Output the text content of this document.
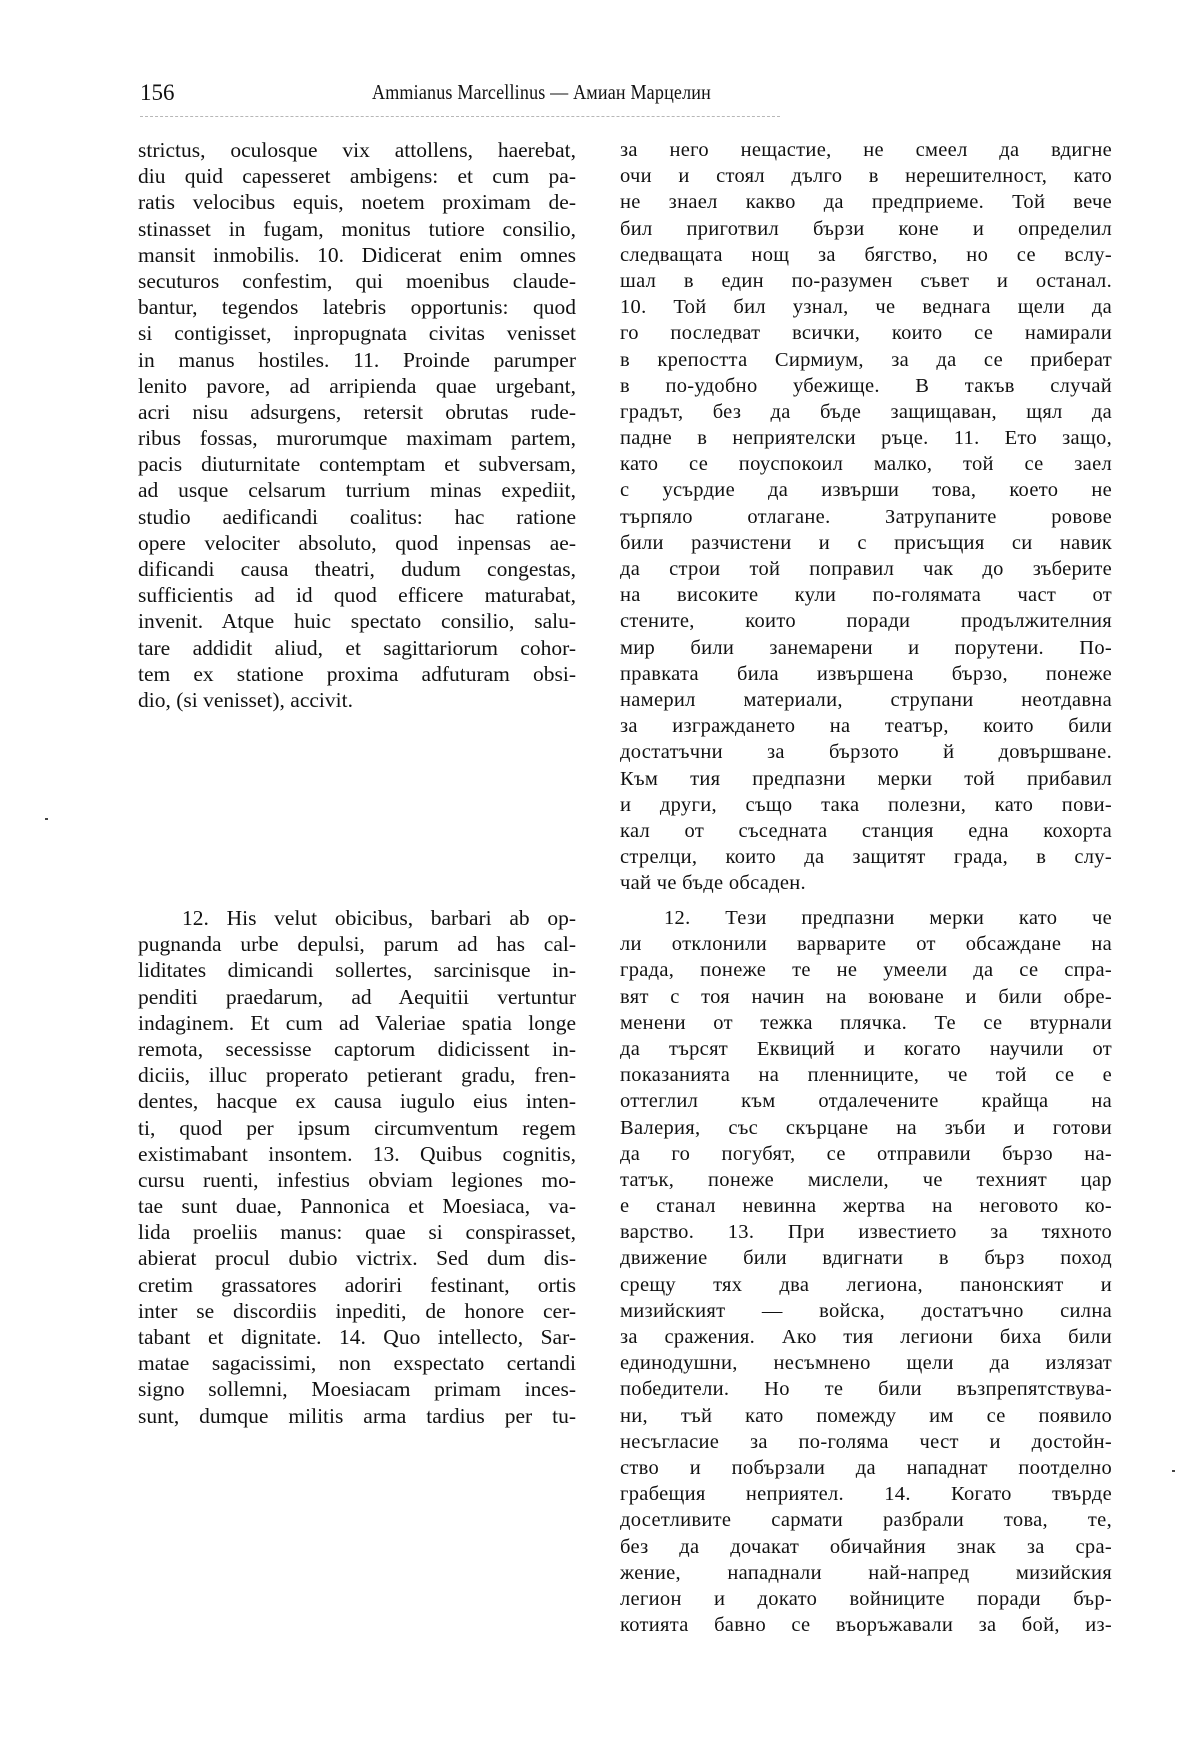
156	Ammianus Marcellinus — Амиан Марцелин
strictus, oculosque vix attollens, haerebat,
diu quid capesseret ambigens: et cum pa-
ratis velocibus equis, noetem proximam de-
stinasset in fugam, monitus tutiore consilio,
mansit inmobilis. 10. Didicerat enim omnes
secuturos confestim, qui moenibus claude-
bantur, tegendos latebris opportunis: quod
si contigisset, inpropugnata civitas venisset
in manus hostiles. 11. Proinde parumper
lenito pavore, ad arripienda quae urgebant,
acri nisu adsurgens, retersit obrutas rude-
ribus fossas, murorumque maximam partem,
pacis diuturnitate contemptam et subversam,
ad usque celsarum turrium minas expediit,
studio aedificandi coalitus: hac ratione
opere velociter absoluto, quod inpensas ae-
dificandi causa theatri, dudum congestas,
sufficientis ad id quod efficere maturabat,
invenit. Atque huic spectato consilio, salu-
tare addidit aliud, et sagittariorum cohor-
tem ex statione proxima adfuturam obsi-
dio, (si venisset), accivit.
12. His velut obicibus, barbari ab op-
pugnanda urbe depulsi, parum ad has cal-
liditates dimicandi sollertes, sarcinisque in-
penditi praedarum, ad Aequitii vertuntur
indaginem. Et cum ad Valeriae spatia longe
remota, secessisse captorum didicissent in-
diciis, illuc properato petierant gradu, fren-
dentes, hacque ex causa iugulo eius inten-
ti, quod per ipsum circumventum regem
existimabant insontem. 13. Quibus cognitis,
cursu ruenti, infestius obviam legiones mo-
tae sunt duae, Pannonica et Moesiaca, va-
lida proeliis manus: quae si conspirasset,
abierat procul dubio victrix. Sed dum dis-
cretim grassatores adoriri festinant, ortis
inter se discordiis inpediti, de honore cer-
tabant et dignitate. 14. Quo intellecto, Sar-
matae sagacissimi, non exspectato certandi
signo sollemni, Moesiacam primam inces-
sunt, dumque militis arma tardius per tu-
за него нещастие, не смеел да вдигне
очи и стоял дълго в нерешителност, като
не знаел какво да предприеме. Той вече
бил приготвил бързи коне и определил
следващата нощ за бягство, но се вслу-
шал в един по-разумен съвет и останал.
10. Той бил узнал, че веднага щели да
го последват всички, които се намирали
в крепостта Сирмиум, за да се приберат
в по-удобно убежище. В такъв случай
градът, без да бъде защищаван, щял да
падне в неприятелски ръце. 11. Ето защо,
като се поуспокоил малко, той се заел
с усърдие да извърши това, което не
търпяло отлагане. Затрупаните ровове
били разчистени и с присъщия си навик
да строи той поправил чак до зъберите
на високите кули по-голямата част от
стените, които поради продължителния
мир били занемарени и порутени. По-
правката била извършена бързо, понеже
намерил материали, струпани неотдавна
за изграждането на театър, които били
достатъчни за бързото й довършване.
Към тия предпазни мерки той прибавил
и други, също така полезни, като пови-
кал от съседната станция една кохорта
стрелци, които да защитят града, в слу-
чай че бъде обсаден.
12. Тези предпазни мерки като че
ли отклонили варварите от обсаждане на
града, понеже те не умеели да се спра-
вят с тоя начин на воюване и били обре-
менени от тежка плячка. Те се втурнали
да търсят Еквиций и когато научили от
показанията на пленниците, че той се е
оттеглил към отдалечените крайща на
Валерия, със скърцане на зъби и готови
да го погубят, се отправили бързо на-
татък, понеже мислели, че техният цар
е станал невинна жертва на неговото ко-
варство. 13. При известието за тяхното
движение били вдигнати в бърз поход
срещу тях два легиона, панонският и
мизийският — войска, достатъчно силна
за сражения. Ако тия легиони биха били
единодушни, несъмнено щели да излязат
победители. Но те били възпрепятствува-
ни, тъй като помежду им се появило
несъгласие за по-голяма чест и достойн-
ство и побързали да нападнат поотделно
грабещия неприятел. 14. Когато твърде
досетливите сармати разбрали това, те,
без да дочакат обичайния знак за сра-
жение, нападнали най-напред мизийския
легион и докато войниците поради бър-
котията бавно се въоръжавали за бой, из-
